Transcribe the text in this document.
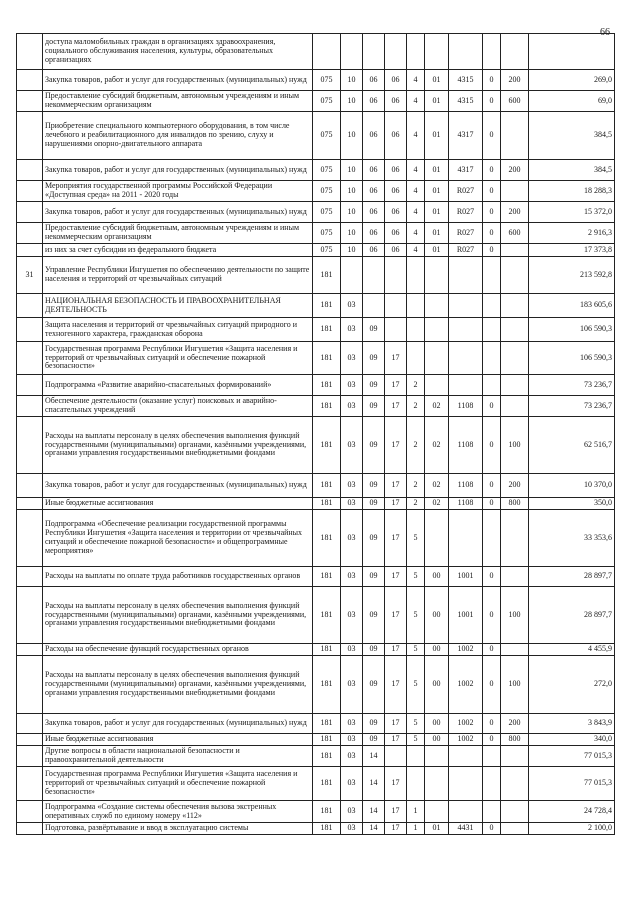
66
	доступа маломобильных граждан в организациях здравоохранения, социального обслуживания населения, культуры, образовательных организациях										
	Закупка товаров, работ и услуг для государственных (муниципальных) нужд	075	10	06	06	4	01	4315	0	200	269,0
	Предоставление субсидий бюджетным, автономным учреждениям и иным некоммерческим организациям	075	10	06	06	4	01	4315	0	600	69,0
	Приобретение специального компьютерного оборудования, в том числе лечебного и реабилитационного для инвалидов по зрению, слуху и нарушениями опорно-двигательного аппарата	075	10	06	06	4	01	4317	0		384,5
	Закупка товаров, работ и услуг для государственных (муниципальных) нужд	075	10	06	06	4	01	4317	0	200	384,5
	Мероприятия государственной программы Российской Федерации «Доступная среда» на 2011 - 2020 годы	075	10	06	06	4	01	R027	0		18 288,3
	Закупка товаров, работ и услуг для государственных (муниципальных) нужд	075	10	06	06	4	01	R027	0	200	15 372,0
	Предоставление субсидий бюджетным, автономным учреждениям и иным некоммерческим организациям	075	10	06	06	4	01	R027	0	600	2 916,3
	из них за счет субсидии из федерального бюджета	075	10	06	06	4	01	R027	0		17 373,8
31	Управление Республики Ингушетия по обеспечению деятельности по защите населения и территорий от чрезвычайных ситуаций	181									213 592,8
	НАЦИОНАЛЬНАЯ БЕЗОПАСНОСТЬ И ПРАВООХРАНИТЕЛЬНАЯ ДЕЯТЕЛЬНОСТЬ	181	03								183 605,6
	Защита населения и территорий от чрезвычайных ситуаций природного и техногенного характера, гражданская оборона	181	03	09							106 590,3
	Государственная программа Республики Ингушетия «Защита населения и территорий от чрезвычайных ситуаций и обеспечение пожарной безопасности»	181	03	09	17						106 590,3
	Подпрограмма «Развитие аварийно-спасательных формирований»	181	03	09	17	2					73 236,7
	Обеспечение деятельности (оказание услуг) поисковых и аварийно-спасательных учреждений	181	03	09	17	2	02	1108	0		73 236,7
	Расходы на выплаты персоналу в целях обеспечения выполнения функций государственными (муниципальными) органами, казёнными учреждениями, органами управления государственными внебюджетными фондами	181	03	09	17	2	02	1108	0	100	62 516,7
	Закупка товаров, работ и услуг для государственных (муниципальных) нужд	181	03	09	17	2	02	1108	0	200	10 370,0
	Иные бюджетные ассигнования	181	03	09	17	2	02	1108	0	800	350,0
	Подпрограмма «Обеспечение реализации государственной программы Республики Ингушетия «Защита населения и территории от чрезвычайных ситуаций и обеспечение пожарной безопасности» и общепрограммные мероприятия»	181	03	09	17	5					33 353,6
	Расходы на выплаты по оплате труда работников государственных органов	181	03	09	17	5	00	1001	0		28 897,7
	Расходы на выплаты персоналу в целях обеспечения выполнения функций государственными (муниципальными) органами, казёнными учреждениями, органами управления государственными внебюджетными фондами	181	03	09	17	5	00	1001	0	100	28 897,7
	Расходы на обеспечение функций государственных органов	181	03	09	17	5	00	1002	0		4 455,9
	Расходы на выплаты персоналу в целях обеспечения выполнения функций государственными (муниципальными) органами, казёнными учреждениями, органами управления государственными внебюджетными фондами	181	03	09	17	5	00	1002	0	100	272,0
	Закупка товаров, работ и услуг для государственных (муниципальных) нужд	181	03	09	17	5	00	1002	0	200	3 843,9
	Иные бюджетные ассигнования	181	03	09	17	5	00	1002	0	800	340,0
	Другие вопросы в области национальной безопасности и правоохранительной деятельности	181	03	14							77 015,3
	Государственная программа Республики Ингушетия «Защита населения и территорий от чрезвычайных ситуаций и обеспечение пожарной безопасности»	181	03	14	17						77 015,3
	Подпрограмма «Создание системы обеспечения вызова экстренных оперативных служб по единому номеру «112»	181	03	14	17	1					24 728,4
	Подготовка, развёртывание и ввод в эксплуатацию системы	181	03	14	17	1	01	4431	0		2 100,0
